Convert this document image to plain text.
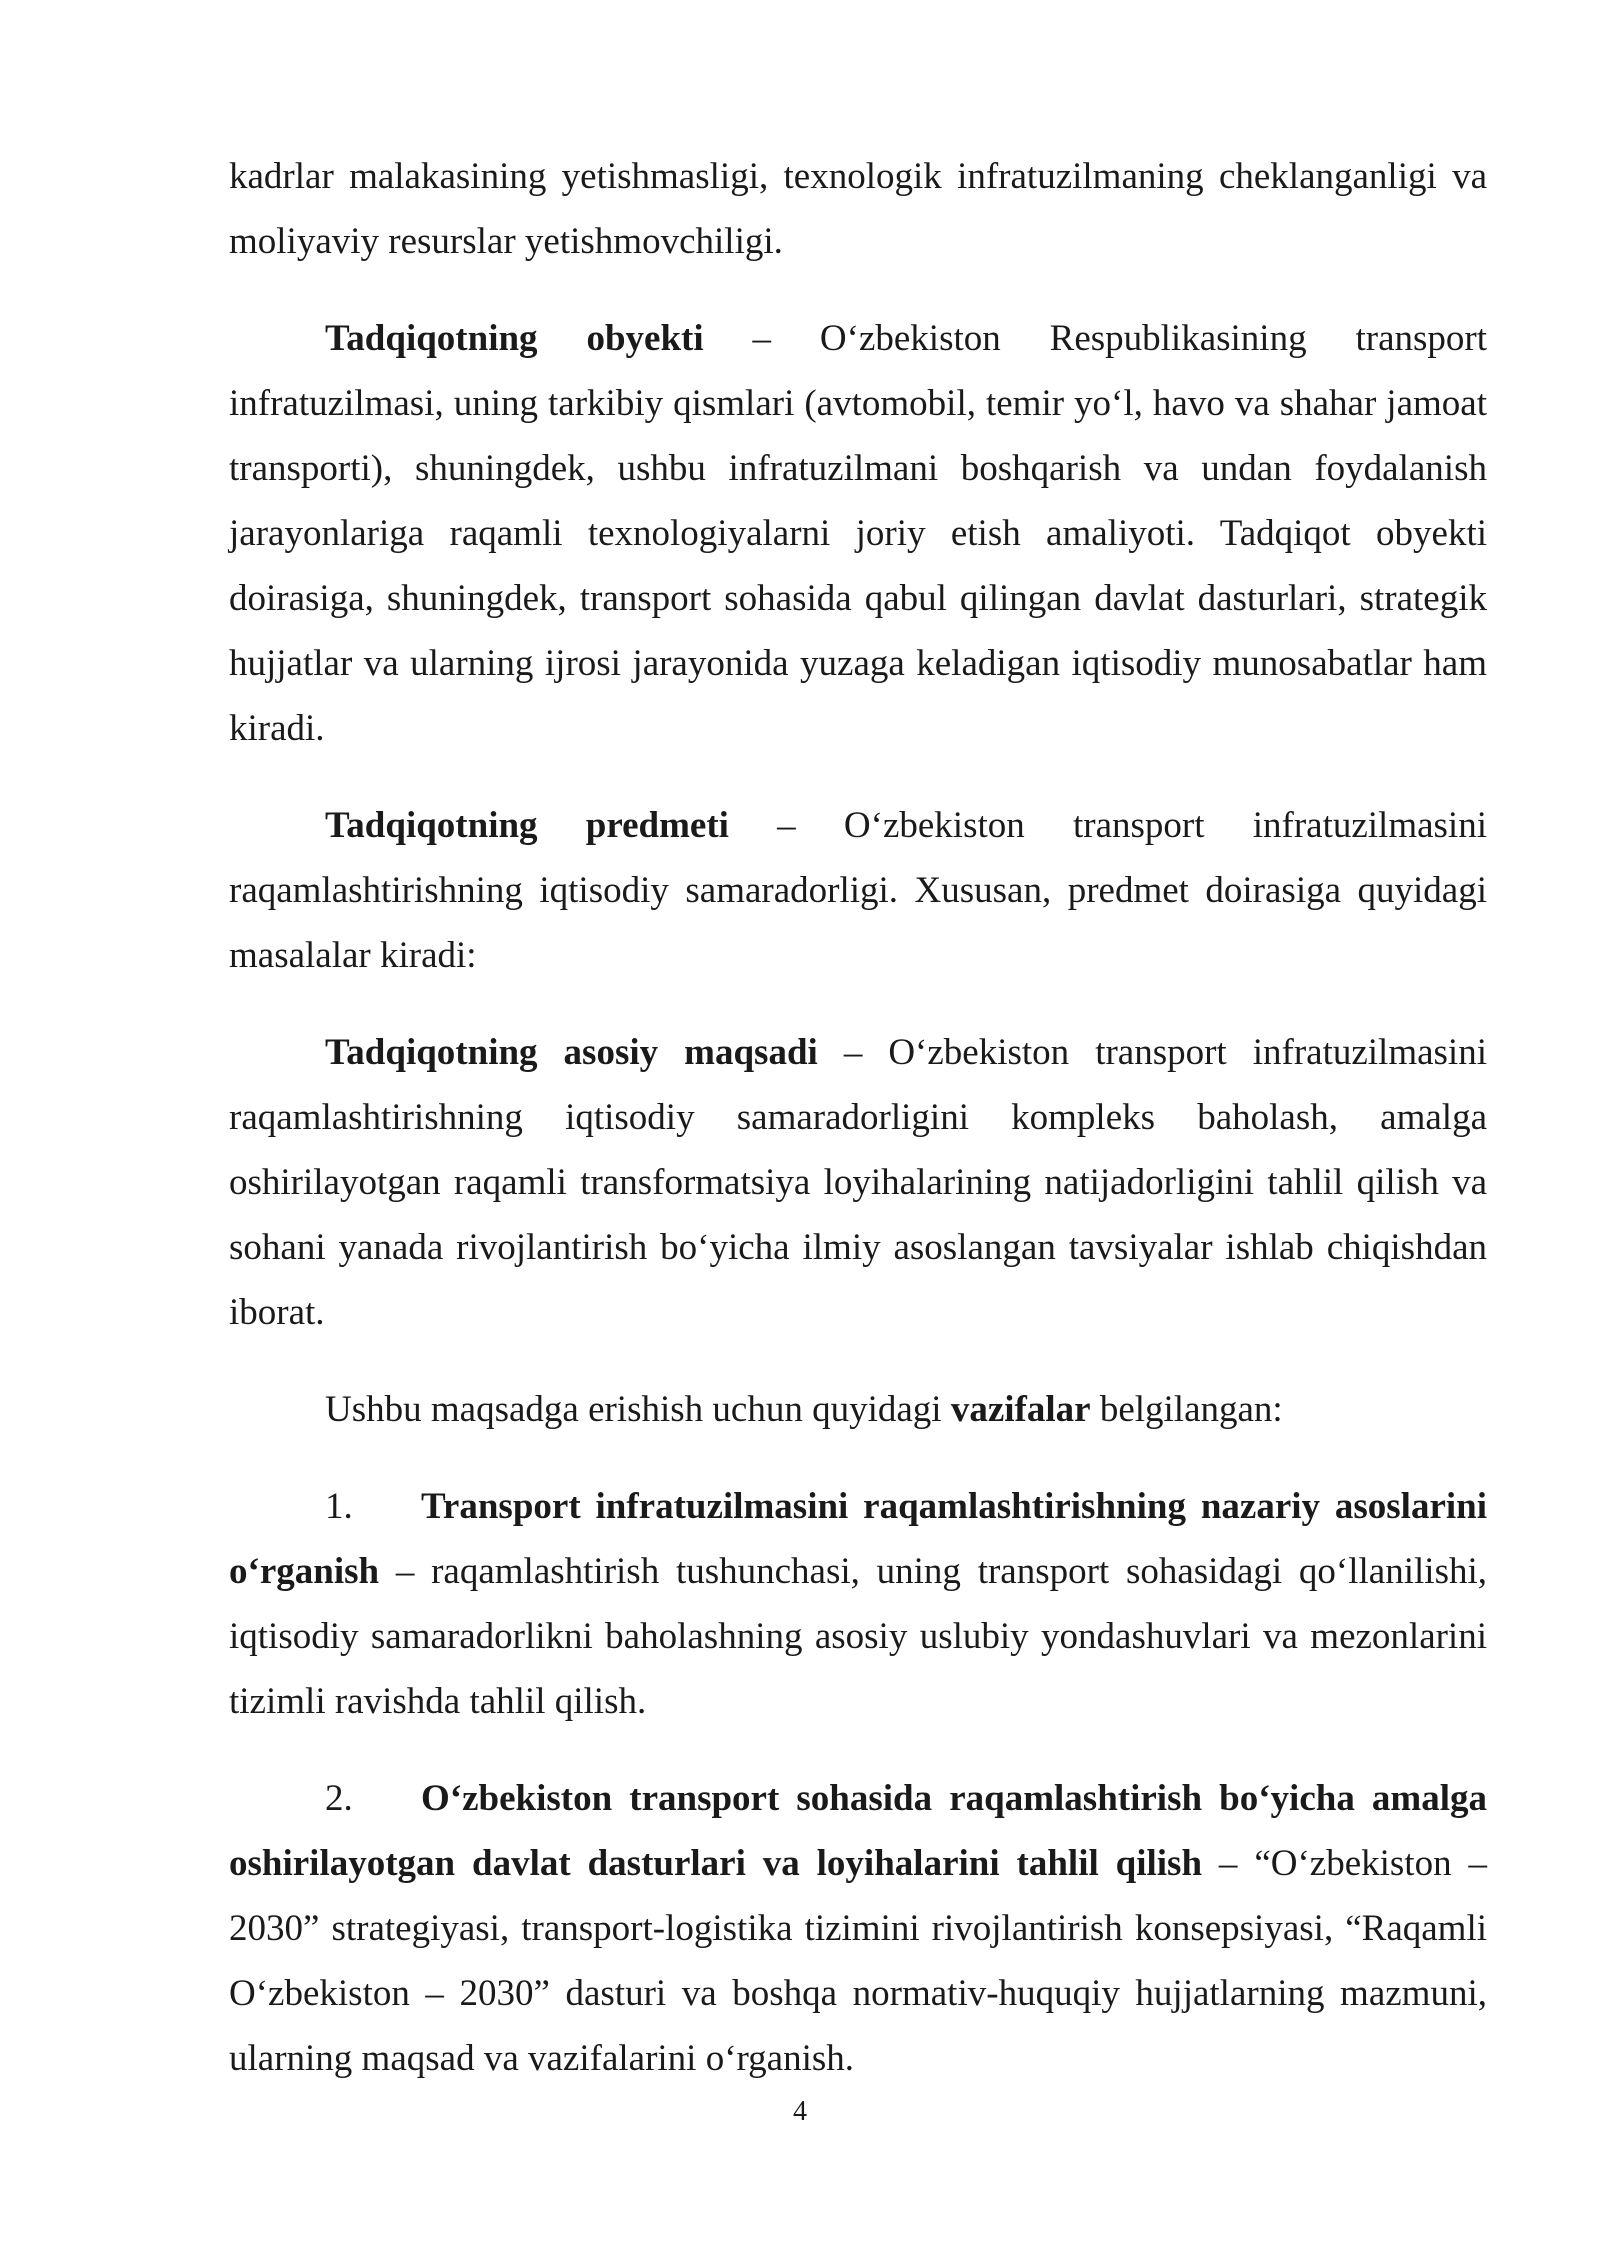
kadrlar malakasining yetishmasligi, texnologik infratuzilmaning cheklanganligi va moliyaviy resurslar yetishmovchiligi.

Tadqiqotning obyekti – O‘zbekiston Respublikasining transport infratuzilmasi, uning tarkibiy qismlari (avtomobil, temir yo‘l, havo va shahar jamoat transporti), shuningdek, ushbu infratuzilmani boshqarish va undan foydalanish jarayonlariga raqamli texnologiyalarni joriy etish amaliyoti. Tadqiqot obyekti doirasiga, shuningdek, transport sohasida qabul qilingan davlat dasturlari, strategik hujjatlar va ularning ijrosi jarayonida yuzaga keladigan iqtisodiy munosabatlar ham kiradi.

Tadqiqotning predmeti – O‘zbekiston transport infratuzilmasini raqamlashtirishning iqtisodiy samaradorligi. Xususan, predmet doirasiga quyidagi masalalar kiradi:

Tadqiqotning asosiy maqsadi – O‘zbekiston transport infratuzilmasini raqamlashtirishning iqtisodiy samaradorligini kompleks baholash, amalga oshirilayotgan raqamli transformatsiya loyihalarining natijadorligini tahlil qilish va sohani yanada rivojlantirish bo‘yicha ilmiy asoslangan tavsiyalar ishlab chiqishdan iborat.

Ushbu maqsadga erishish uchun quyidagi vazifalar belgilangan:

1. Transport infratuzilmasini raqamlashtirishning nazariy asoslarini o‘rganish – raqamlashtirish tushunchasi, uning transport sohasidagi qo‘llanilishi, iqtisodiy samaradorlikni baholashning asosiy uslubiy yondashuvlari va mezonlarini tizimli ravishda tahlil qilish.

2. O‘zbekiston transport sohasida raqamlashtirish bo‘yicha amalga oshirilayotgan davlat dasturlari va loyihalarini tahlil qilish – “O‘zbekiston – 2030” strategiyasi, transport-logistika tizimini rivojlantirish konsepsiyasi, “Raqamli O‘zbekiston – 2030” dasturi va boshqa normativ-huquqiy hujjatlarning mazmuni, ularning maqsad va vazifalarini o‘rganish.

4
